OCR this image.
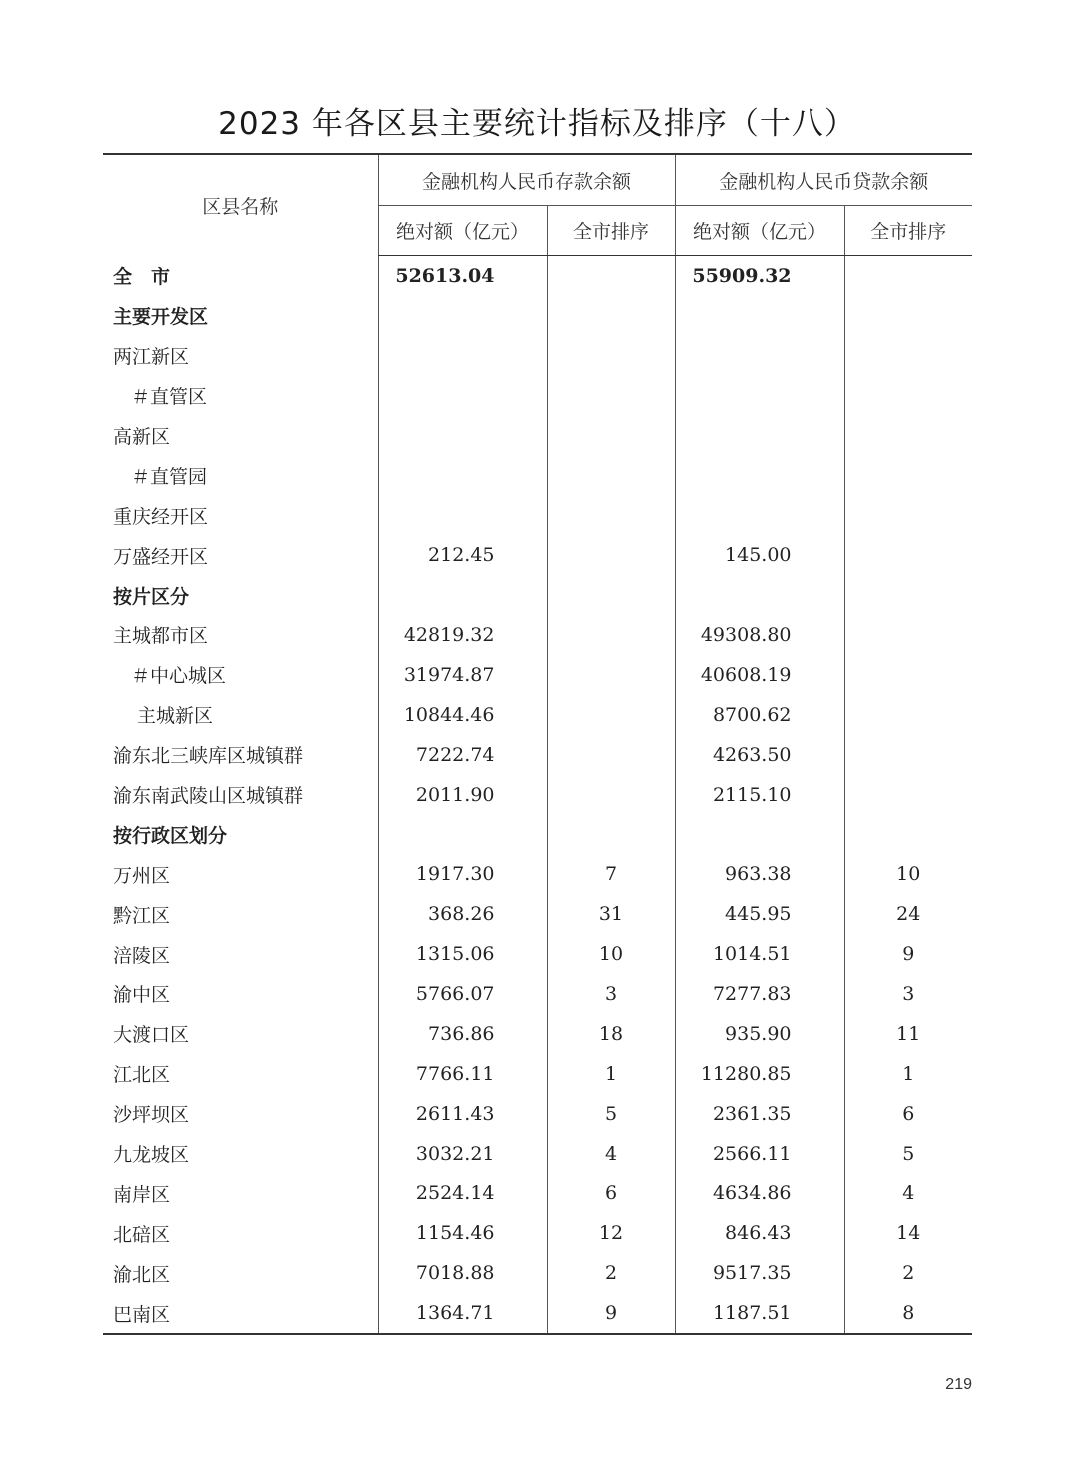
2023 年各区县主要统计指标及排序（十八）
区县名称	金融机构人民币存款余额		金融机构人民币贷款余额	
	绝对额（亿元）	全市排序	绝对额（亿元）	全市排序
全　市	52613.04		55909.32	
主要开发区				
两江新区				
＃直管区				
高新区				
＃直管园				
重庆经开区				
万盛经开区	212.45		145.00	
按片区分				
主城都市区	42819.32		49308.80	
＃中心城区	31974.87		40608.19	
主城新区	10844.46		8700.62	
渝东北三峡库区城镇群	7222.74		4263.50	
渝东南武陵山区城镇群	2011.90		2115.10	
按行政区划分				
万州区	1917.30	7	963.38	10
黔江区	368.26	31	445.95	24
涪陵区	1315.06	10	1014.51	9
渝中区	5766.07	3	7277.83	3
大渡口区	736.86	18	935.90	11
江北区	7766.11	1	11280.85	1
沙坪坝区	2611.43	5	2361.35	6
九龙坡区	3032.21	4	2566.11	5
南岸区	2524.14	6	4634.86	4
北碚区	1154.46	12	846.43	14
渝北区	7018.88	2	9517.35	2
巴南区	1364.71	9	1187.51	8
219
